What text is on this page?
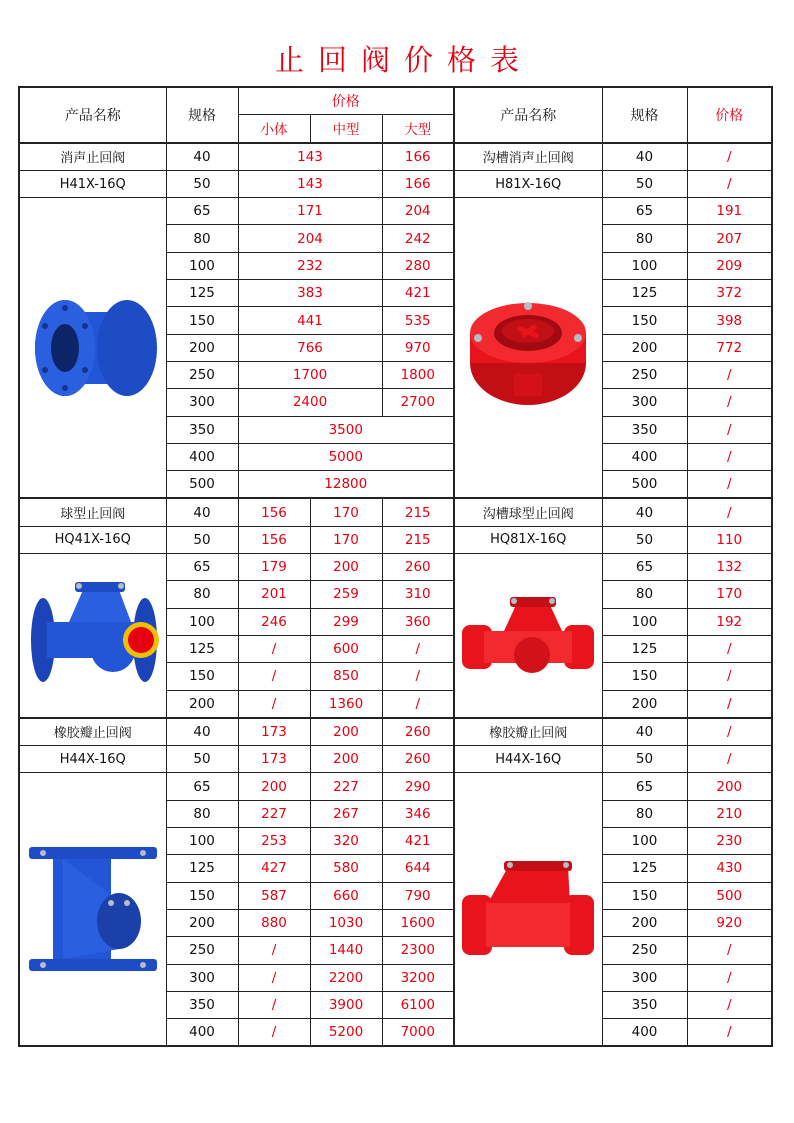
止回阀价格表
产品名称	规格	价格			产品名称	规格	价格
		小体	中型	大型			
消声止回阀	40	143		166	沟槽消声止回阀	40	/
H41X-16Q	50	143		166	H81X-16Q	50	/

	65	171		204		65	191
	80	204		242		80	207
	100	232		280		100	209
	125	383		421		125	372
	150	441		535		150	398
	200	766		970		200	772
	250	1700		1800		250	/
	300	2400		2700		300	/
	350	3500				350	/
	400	5000				400	/
	500	12800				500	/
球型止回阀	40	156	170	215	沟槽球型止回阀	40	/
HQ41X-16Q	50	156	170	215	HQ81X-16Q	50	110

	65	179	200	260		65	132
	80	201	259	310		80	170
	100	246	299	360		100	192
	125	/	600	/		125	/
	150	/	850	/		150	/
	200	/	1360	/		200	/
橡胶瓣止回阀	40	173	200	260	橡胶瓣止回阀	40	/
H44X-16Q	50	173	200	260	H44X-16Q	50	/

	65	200	227	290		65	200
	80	227	267	346		80	210
	100	253	320	421		100	230
	125	427	580	644		125	430
	150	587	660	790		150	500
	200	880	1030	1600		200	920
	250	/	1440	2300		250	/
	300	/	2200	3200		300	/
	350	/	3900	6100		350	/
	400	/	5200	7000		400	/
